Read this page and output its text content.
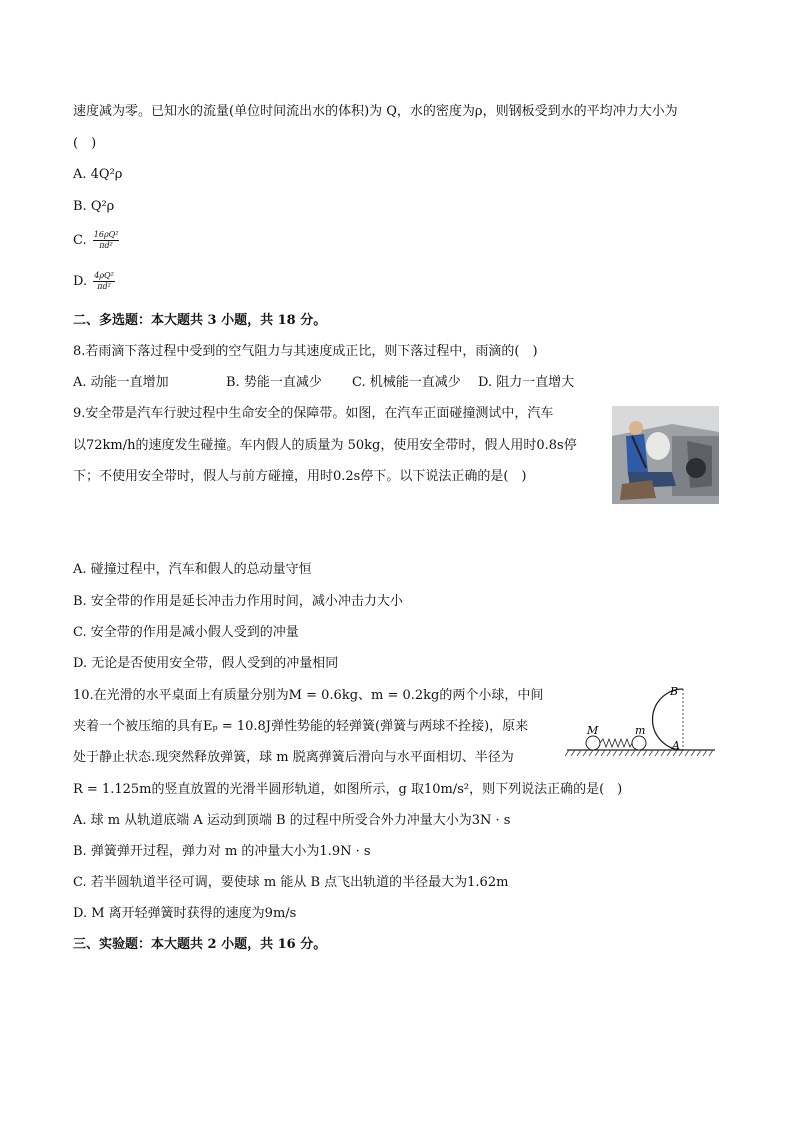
速度减为零。已知水的流量(单位时间流出水的体积)为 Q，水的密度为ρ，则钢板受到水的平均冲力大小为
(　)
A. 4Q²ρ
B. Q²ρ
C. $\frac{\text{16ρQ²}}{\text{πd²}}$
D. $\frac{\text{4ρQ²}}{\text{πd²}}$
二、多选题：本大题共 3 小题，共 18 分。
8.若雨滴下落过程中受到的空气阻力与其速度成正比，则下落过程中，雨滴的(　)
A. 动能一直增加	B. 势能一直减少 C. 机械能一直减少 D. 阻力一直增大
9.安全带是汽车行驶过程中生命安全的保障带。如图，在汽车正面碰撞测试中，汽车
以72km/h的速度发生碰撞。车内假人的质量为 50kg，使用安全带时，假人用时0.8s停
下；不使用安全带时，假人与前方碰撞，用时0.2s停下。以下说法正确的是(　)
A. 碰撞过程中，汽车和假人的总动量守恒
B. 安全带的作用是延长冲击力作用时间，减小冲击力大小
C. 安全带的作用是减小假人受到的冲量
D. 无论是否使用安全带，假人受到的冲量相同
10.在光滑的水平桌面上有质量分别为M = 0.6kg、m = 0.2kg的两个小球，中间
夹着一个被压缩的具有Eₚ = 10.8J弹性势能的轻弹簧(弹簧与两球不拴接)，原来
处于静止状态.现突然释放弹簧，球 m 脱离弹簧后滑向与水平面相切、半径为
R = 1.125m的竖直放置的光滑半圆形轨道，如图所示，g 取10m/s²，则下列说法正确的是(　)
B
A
M	m
A. 球 m 从轨道底端 A 运动到顶端 B 的过程中所受合外力冲量大小为3N · s
B. 弹簧弹开过程，弹力对 m 的冲量大小为1.9N · s
C. 若半圆轨道半径可调，要使球 m 能从 B 点飞出轨道的半径最大为1.62m
D. M 离开轻弹簧时获得的速度为9m/s
三、实验题：本大题共 2 小题，共 16 分。
